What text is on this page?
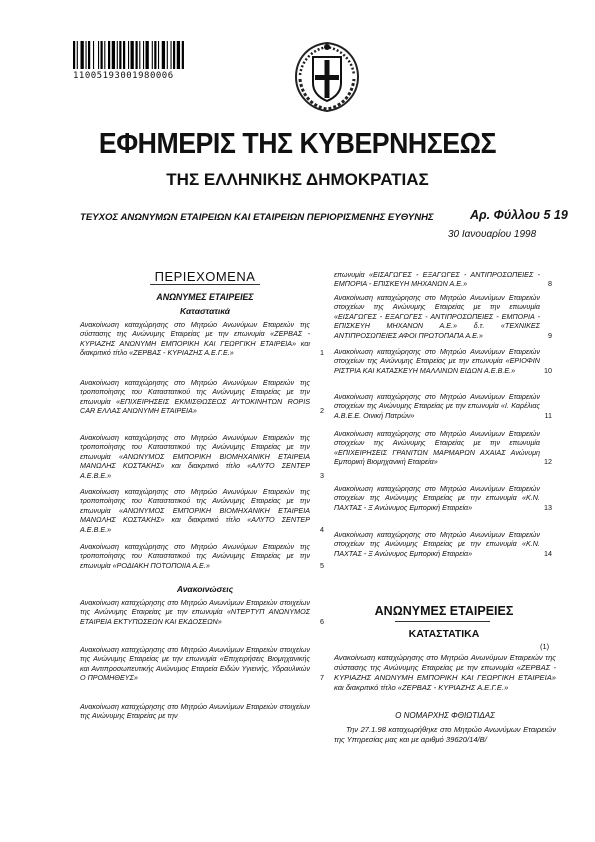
11005193001980006
ΕΦΗΜΕΡΙΣ ΤΗΣ ΚΥΒΕΡΝΗΣΕΩΣ
ΤΗΣ ΕΛΛΗΝΙΚΗΣ ΔΗΜΟΚΡΑΤΙΑΣ
ΤΕΥΧΟΣ ΑΝΩΝΥΜΩΝ ΕΤΑΙΡΕΙΩΝ ΚΑΙ ΕΤΑΙΡΕΙΩΝ ΠΕΡΙΟΡΙΣΜΕΝΗΣ ΕΥΘΥΝΗΣ	Αρ. Φύλλου 5 19
30 Ιανουαρίου 1998
ΠΕΡΙΕΧΟΜΕΝΑ
ΑΝΩΝΥΜΕΣ ΕΤΑΙΡΕΙΕΣ
Καταστατικά
Ανακοίνωση καταχώρησης στο Μητρώο Ανωνύμων Εταιρειών της σύστασης της Ανώνυμης Εταιρείας με την επωνυμία «ΖΕΡΒΑΣ - ΚΥΡΙΑΖΗΣ ΑΝΩΝΥΜΗ ΕΜΠΟΡΙΚΗ ΚΑΙ ΓΕΩΡΓΙΚΗ ΕΤΑΙΡΕΙΑ» και διακριτικό τίτλο «ΖΕΡΒΑΣ - ΚΥΡΙΑΖΗΣ Α.Ε.Γ.Ε.»	1
Ανακοίνωση καταχώρησης στο Μητρώο Ανωνύμων Εταιρειών της τροποποίησης του Καταστατικού της Ανώνυμης Εταιρείας με την επωνυμία «ΕΠΙΧΕΙΡΗΣΕΙΣ ΕΚΜΙΣΘΩΣΕΩΣ ΑΥΤΟΚΙΝΗΤΩΝ ROPIS CAR ΕΛΛΑΣ ΑΝΩΝΥΜΗ ΕΤΑΙΡΕΙΑ»	2
Ανακοίνωση καταχώρησης στο Μητρώο Ανωνύμων Εταιρειών της τροποποίησης του Καταστατικού της Ανώνυμης Εταιρείας με την επωνυμία «ΑΝΩΝΥΜΟΣ ΕΜΠΟΡΙΚΗ ΒΙΟΜΗΧΑΝΙΚΗ ΕΤΑΙΡΕΙΑ ΜΑΝΩΛΗΣ ΚΩΣΤΑΚΗΣ» και διακριτικό τίτλο «ΑΛΥΤΟ ΣΕΝΤΕΡ Α.Ε.Β.Ε.»	3
Ανακοίνωση καταχώρησης στο Μητρώο Ανωνύμων Εταιρειών της τροποποίησης του Καταστατικού της Ανώνυμης Εταιρείας με την επωνυμία «ΑΝΩΝΥΜΟΣ ΕΜΠΟΡΙΚΗ ΒΙΟΜΗΧΑΝΙΚΗ ΕΤΑΙΡΕΙΑ ΜΑΝΩΛΗΣ ΚΩΣΤΑΚΗΣ» και διακριτικό τίτλο «ΑΛΥΤΟ ΣΕΝΤΕΡ Α.Ε.Β.Ε.»	4
Ανακοίνωση καταχώρησης στο Μητρώο Ανωνύμων Εταιρειών της τροποποίησης του Καταστατικού της Ανώνυμης Εταιρείας με την επωνυμία «ΡΟΔΙΑΚΗ ΠΟΤΟΠΟΙΙΑ Α.Ε.»	5
Ανακοινώσεις
Ανακοίνωση καταχώρησης στο Μητρώο Ανωνύμων Εταιρειών στοιχείων της Ανώνυμης Εταιρείας με την επωνυμία «ΝΤΕΡΤΥΠ ΑΝΩΝΥΜΟΣ ΕΤΑΙΡΕΙΑ ΕΚΤΥΠΩΣΕΩΝ ΚΑΙ ΕΚΔΟΣΕΩΝ»	6
Ανακοίνωση καταχώρησης στο Μητρώο Ανωνύμων Εταιρειών στοιχείων της Ανώνυμης Εταιρείας με την επωνυμία «Επιχειρήσεις Βιομηχανικής και Αντιπροσωπευτικής Ανώνυμος Εταιρεία Ειδών Υγιεινής, Υδραυλικών Ο ΠΡΟΜΗΘΕΥΣ»	7
Ανακοίνωση καταχώρησης στο Μητρώο Ανωνύμων Εταιρειών στοιχείων της Ανώνυμης Εταιρείας με την
επωνυμία «ΕΙΣΑΓΩΓΕΣ - ΕΞΑΓΩΓΕΣ - ΑΝΤΙΠΡΟΣΩΠΕΙΕΣ - ΕΜΠΟΡΙΑ - ΕΠΙΣΚΕΥΗ ΜΗΧΑΝΩΝ Α.Ε.»	8
Ανακοίνωση καταχώρησης στο Μητρώο Ανωνύμων Εταιρειών στοιχείων της Ανώνυμης Εταιρείας με την επωνυμία «ΕΙΣΑΓΩΓΕΣ - ΕΞΑΓΩΓΕΣ - ΑΝΤΙΠΡΟΣΩΠΕΙΕΣ - ΕΜΠΟΡΙΑ - ΕΠΙΣΚΕΥΗ ΜΗΧΑΝΩΝ Α.Ε.» δ.τ. «ΤΕΧΝΙΚΕΣ ΑΝΤΙΠΡΟΣΩΠΕΙΕΣ ΑΦΟΙ ΠΡΩΤΟΠΑΠΑ Α.Ε.»	9
Ανακοίνωση καταχώρησης στο Μητρώο Ανωνύμων Εταιρειών στοιχείων της Ανώνυμης Εταιρείας με την επωνυμία «ΕΡΙΟΦΙΝ ΡΙΣΤΡΙΑ ΚΑΙ ΚΑΤΑΣΚΕΥΗ ΜΑΛΛΙΝΩΝ ΕΙΔΩΝ Α.Ε.Β.Ε.»	10
Ανακοίνωση καταχώρησης στο Μητρώο Ανωνύμων Εταιρειών στοιχείων της Ανώνυμης Εταιρείας με την επωνυμία «Ι. Καρέλιας Α.Β.Ε.Ε. Οινική Πατρών»	11
Ανακοίνωση καταχώρησης στο Μητρώο Ανωνύμων Εταιρειών στοιχείων της Ανώνυμης Εταιρείας με την επωνυμία «ΕΠΙΧΕΙΡΗΣΕΙΣ ΓΡΑΝΙΤΩΝ ΜΑΡΜΑΡΩΝ ΑΧΑΙΑΣ Ανώνυμη Εμπορική Βιομηχανική Εταιρεία»	12
Ανακοίνωση καταχώρησης στο Μητρώο Ανωνύμων Εταιρειών στοιχείων της Ανώνυμης Εταιρείας με την επωνυμία «Κ.Ν. ΠΑΧΤΑΣ - Ξ Ανώνυμος Εμπορική Εταιρεία»	13
Ανακοίνωση καταχώρησης στο Μητρώο Ανωνύμων Εταιρειών στοιχείων της Ανώνυμης Εταιρείας με την επωνυμία «Κ.Ν. ΠΑΧΤΑΣ - Ξ Ανώνυμος Εμπορική Εταιρεία»	14
ΑΝΩΝΥΜΕΣ ΕΤΑΙΡΕΙΕΣ
ΚΑΤΑΣΤΑΤΙΚΑ
(1)
Ανακοίνωση καταχώρησης στο Μητρώο Ανωνύμων Εταιρειών της σύστασης της Ανώνυμης Εταιρείας με την επωνυμία «ΖΕΡΒΑΣ - ΚΥΡΙΑΖΗΣ ΑΝΩΝΥΜΗ ΕΜΠΟΡΙΚΗ ΚΑΙ ΓΕΩΡΓΙΚΗ ΕΤΑΙΡΕΙΑ» και διακριτικό τίτλο «ΖΕΡΒΑΣ - ΚΥΡΙΑΖΗΣ Α.Ε.Γ.Ε.»
Ο ΝΟΜΑΡΧΗΣ ΦΘΙΩΤΙΔΑΣ
Την 27.1.98 καταχωρήθηκε στο Μητρώο Ανωνύμων Εταιρειών της Υπηρεσίας μας και με αριθμό 39620/14/Β/
